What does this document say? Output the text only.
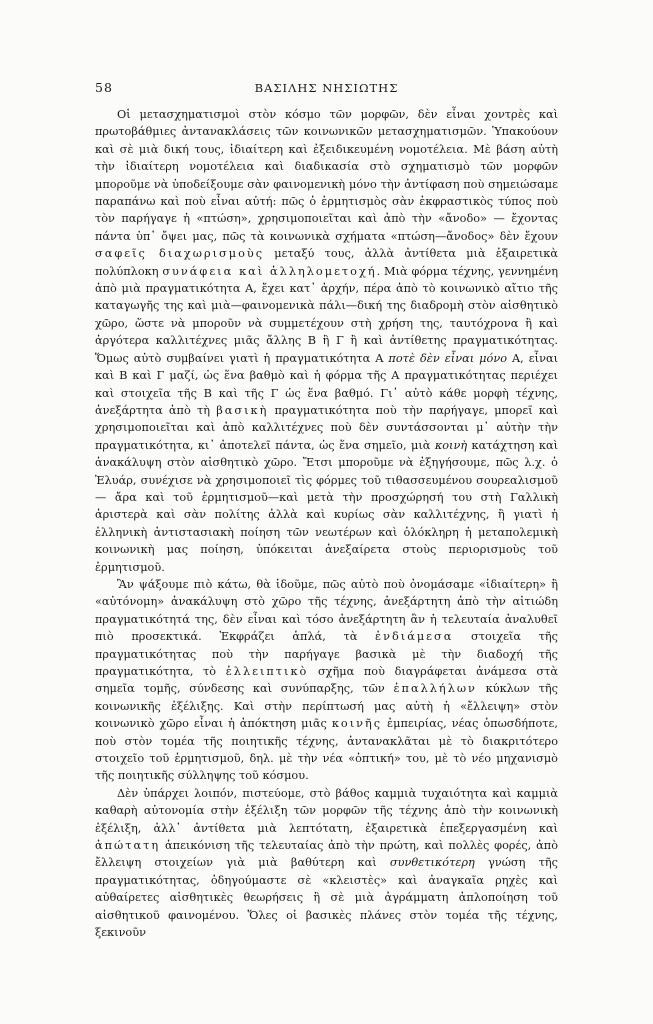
58	ΒΑΣΙΛΗΣ ΝΗΣΙΩΤΗΣ

Οἱ μετασχηματισμοὶ στὸν κόσμο τῶν μορφῶν, δὲν εἶναι χοντρὲς καὶ πρωτοβάθμιες ἀντανακλάσεις τῶν κοινωνικῶν μετασχηματισμῶν. Ὑπακούουν καὶ σὲ μιὰ δική τους, ἰδιαίτερη καὶ ἐξειδικευμένη νομοτέλεια. Μὲ βάση αὐτὴ τὴν ἰδιαίτερη νομοτέλεια καὶ διαδικασία στὸ σχηματισμὸ τῶν μορφῶν μποροῦμε νὰ ὑποδείξουμε σὰν φαινομενικὴ μόνο τὴν ἀντίφαση ποὺ σημειώσαμε παραπάνω καὶ ποὺ εἶναι αὐτή: πῶς ὁ ἑρμητισμὸς σὰν ἐκφραστικὸς τύπος ποὺ τὸν παρήγαγε ἡ «πτώση», χρησιμοποιεῖται καὶ ἀπὸ τὴν «ἄνοδο» — ἔχοντας πάντα ὑπ᾽ ὄψει μας, πῶς τὰ κοινωνικὰ σχήματα «πτώση—ἄνοδος» δὲν ἔχουν σαφεῖς διαχωρισμοὺς μεταξύ τους, ἀλλὰ ἀντίθετα μιὰ ἐξαιρετικὰ πολύπλοκη συνάφεια καὶ ἀλληλομετοχή. Μιὰ φόρμα τέχνης, γεννημένη ἀπὸ μιὰ πραγματικότητα Α, ἔχει κατ᾽ ἀρχήν, πέρα ἀπὸ τὸ κοινωνικὸ αἴτιο τῆς καταγωγῆς της καὶ μιὰ—φαινομενικὰ πάλι—δική της διαδρομὴ στὸν αἰσθητικὸ χῶρο, ὥστε νὰ μποροῦν νὰ συμμετέχουν στὴ χρήση της, ταυτόχρονα ἢ καὶ ἀργότερα καλλιτέχνες μιᾶς ἄλλης Β ἢ Γ ἢ καὶ ἀντίθετης πραγματικότητας. Ὅμως αὐτὸ συμβαίνει γιατὶ ἡ πραγματικότητα Α ποτὲ δὲν εἶναι μόνο Α, εἶναι καὶ Β καὶ Γ μαζί, ὡς ἕνα βαθμὸ καὶ ἡ φόρμα τῆς Α πραγματικότητας περιέχει καὶ στοιχεῖα τῆς Β καὶ τῆς Γ ὡς ἕνα βαθμό. Γι᾽ αὐτὸ κάθε μορφὴ τέχνης, ἀνεξάρτητα ἀπὸ τὴ βασικὴ πραγματικότητα ποὺ τὴν παρήγαγε, μπορεῖ καὶ χρησιμοποιεῖται καὶ ἀπὸ καλλιτέχνες ποὺ δὲν συντάσσονται μ᾽ αὐτὴν τὴν πραγματικότητα, κι᾽ ἀποτελεῖ πάντα, ὡς ἕνα σημεῖο, μιὰ κοινὴ κατάχτηση καὶ ἀνακάλυψη στὸν αἰσθητικὸ χῶρο. Ἔτσι μποροῦμε νὰ ἐξηγήσουμε, πῶς λ.χ. ὁ Ἐλυάρ, συνέχισε νὰ χρησιμοποιεῖ τὶς φόρμες τοῦ τιθασσευμένου σουρεαλισμοῦ — ἄρα καὶ τοῦ ἑρμητισμοῦ—καὶ μετὰ τὴν προσχώρησή του στὴ Γαλλικὴ ἀριστερὰ καὶ σὰν πολίτης ἀλλὰ καὶ κυρίως σὰν καλλιτέχνης, ἢ γιατὶ ἡ ἑλληνικὴ ἀντιστασιακὴ ποίηση τῶν νεωτέρων καὶ ὁλόκληρη ἡ μεταπολεμικὴ κοινωνικὴ μας ποίηση, ὑπόκειται ἀνεξαίρετα στοὺς περιορισμοὺς τοῦ ἑρμητισμοῦ.

Ἂν ψάξουμε πιὸ κάτω, θὰ ἰδοῦμε, πῶς αὐτὸ ποὺ ὀνομάσαμε «ἰδιαίτερη» ἢ «αὐτόνομη» ἀνακάλυψη στὸ χῶρο τῆς τέχνης, ἀνεξάρτητη ἀπὸ τὴν αἰτιώδη πραγματικότητά της, δὲν εἶναι καὶ τόσο ἀνεξάρτητη ἂν ἡ τελευταία ἀναλυθεῖ πιὸ προσεκτικά. Ἐκφράζει ἁπλά, τὰ ἐνδιάμεσα στοιχεῖα τῆς πραγματικότητας ποὺ τὴν παρήγαγε βασικὰ μὲ τὴν διαδοχή τῆς πραγματικότητα, τὸ ἐλλειπτικὸ σχῆμα ποὺ διαγράφεται ἀνάμεσα στὰ σημεῖα τομῆς, σύνδεσης καὶ συνύπαρξης, τῶν ἐπαλλήλων κύκλων τῆς κοινωνικῆς ἐξέλιξης. Καὶ στὴν περίπτωσή μας αὐτὴ ἡ «ἔλλειψη» στὸν κοινωνικὸ χῶρο εἶναι ἡ ἀπόκτηση μιᾶς κοινῆς ἐμπειρίας, νέας ὁπωσδήποτε, ποὺ στὸν τομέα τῆς ποιητικῆς τέχνης, ἀντανακλᾶται μὲ τὸ διακριτότερο στοιχεῖο τοῦ ἑρμητισμοῦ, δηλ. μὲ τὴν νέα «ὀπτική» του, μὲ τὸ νέο μηχανισμὸ τῆς ποιητικῆς σύλληψης τοῦ κόσμου.

Δὲν ὑπάρχει λοιπόν, πιστεύομε, στὸ βάθος καμμιὰ τυχαιότητα καὶ καμμιὰ καθαρὴ αὐτονομία στὴν ἐξέλιξη τῶν μορφῶν τῆς τέχνης ἀπὸ τὴν κοινωνικὴ ἐξέλιξη, ἀλλ᾽ ἀντίθετα μιὰ λεπτότατη, ἐξαιρετικὰ ἐπεξεργασμένη καὶ ἀπώτατη ἀπεικόνιση τῆς τελευταίας ἀπὸ τὴν πρώτη, καὶ πολλὲς φορές, ἀπὸ ἔλλειψη στοιχείων γιὰ μιὰ βαθύτερη καὶ συνθετικότερη γνώση τῆς πραγματικότητας, ὁδηγούμαστε σὲ «κλειστὲς» καὶ ἀναγκαῖα ρηχὲς καὶ αὐθαίρετες αἰσθητικὲς θεωρήσεις ἢ σὲ μιὰ ἀγράμματη ἁπλοποίηση τοῦ αἰσθητικοῦ φαινομένου. Ὅλες οἱ βασικὲς πλάνες στὸν τομέα τῆς τέχνης, ξεκινοῦν
